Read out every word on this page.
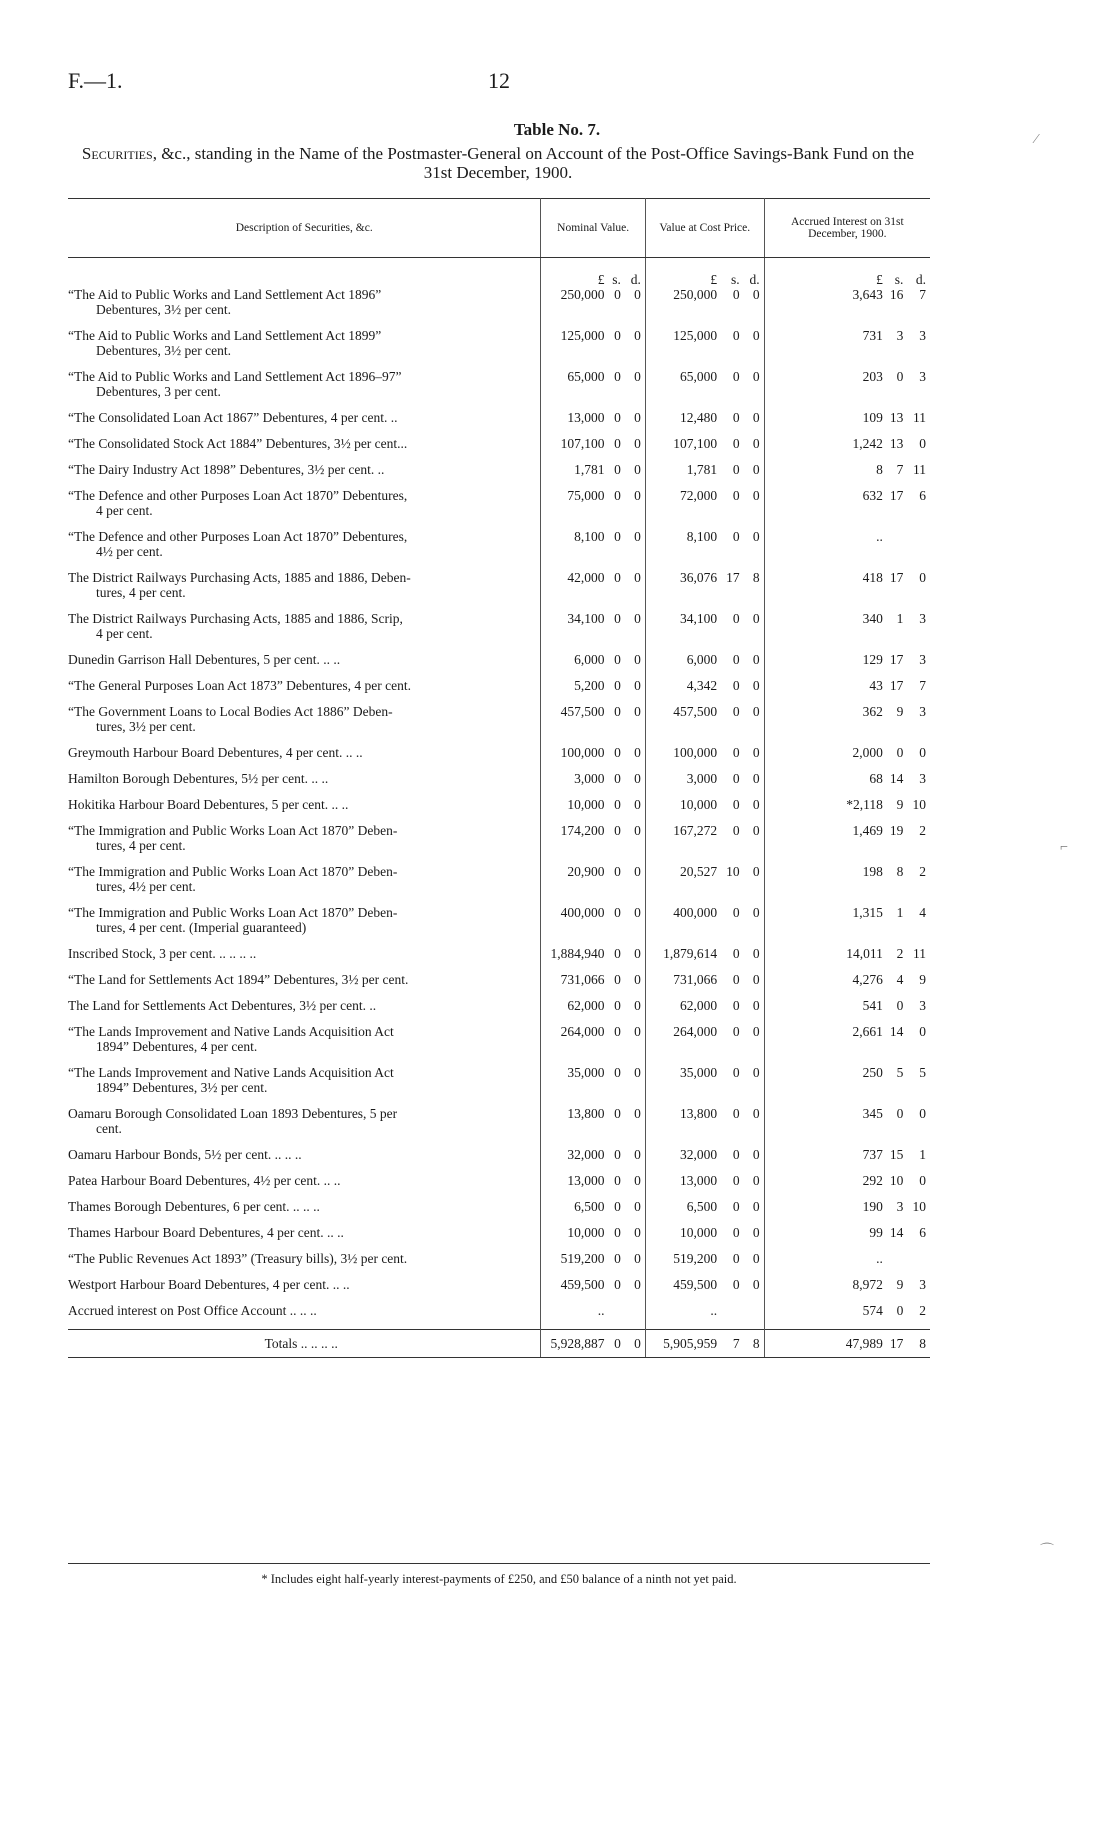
F.—1.	12
Table No. 7.
Securities, &c., standing in the Name of the Postmaster-General on Account of the Post-Office Savings-Bank Fund on the 31st December, 1900.
Description of Securities, &c.	Nominal Value.			Value at Cost Price.			Accrued Interest on 31st December, 1900.		
	£	s.	d.	£	s.	d.	£	s.	d.

“The Aid to Public Works and Land Settlement Act 1896”
Debentures, 3½ per cent.	250,000	0	0	250,000	0	0	3,643	16	7

“The Aid to Public Works and Land Settlement Act 1899”
Debentures, 3½ per cent.	125,000	0	0	125,000	0	0	731	3	3

“The Aid to Public Works and Land Settlement Act 1896–97”
Debentures, 3 per cent.	65,000	0	0	65,000	0	0	203	0	3

“The Consolidated Loan Act 1867” Debentures, 4 per cent. ..	13,000	0	0	12,480	0	0	109	13	11

“The Consolidated Stock Act 1884” Debentures, 3½ per cent...	107,100	0	0	107,100	0	0	1,242	13	0

“The Dairy Industry Act 1898” Debentures, 3½ per cent. ..	1,781	0	0	1,781	0	0	8	7	11

“The Defence and other Purposes Loan Act 1870” Debentures,
4 per cent.	75,000	0	0	72,000	0	0	632	17	6

“The Defence and other Purposes Loan Act 1870” Debentures,
4½ per cent.	8,100	0	0	8,100	0	0	..		

The District Railways Purchasing Acts, 1885 and 1886, Deben-
tures, 4 per cent.	42,000	0	0	36,076	17	8	418	17	0

The District Railways Purchasing Acts, 1885 and 1886, Scrip,
4 per cent.	34,100	0	0	34,100	0	0	340	1	3

Dunedin Garrison Hall Debentures, 5 per cent. .. ..	6,000	0	0	6,000	0	0	129	17	3

“The General Purposes Loan Act 1873” Debentures, 4 per cent.	5,200	0	0	4,342	0	0	43	17	7

“The Government Loans to Local Bodies Act 1886” Deben-
tures, 3½ per cent.	457,500	0	0	457,500	0	0	362	9	3

Greymouth Harbour Board Debentures, 4 per cent. .. ..	100,000	0	0	100,000	0	0	2,000	0	0

Hamilton Borough Debentures, 5½ per cent. .. ..	3,000	0	0	3,000	0	0	68	14	3

Hokitika Harbour Board Debentures, 5 per cent. .. ..	10,000	0	0	10,000	0	0	*2,118	9	10

“The Immigration and Public Works Loan Act 1870” Deben-
tures, 4 per cent.	174,200	0	0	167,272	0	0	1,469	19	2

“The Immigration and Public Works Loan Act 1870” Deben-
tures, 4½ per cent.	20,900	0	0	20,527	10	0	198	8	2

“The Immigration and Public Works Loan Act 1870” Deben-
tures, 4 per cent. (Imperial guaranteed)	400,000	0	0	400,000	0	0	1,315	1	4

Inscribed Stock, 3 per cent. .. .. .. ..	1,884,940	0	0	1,879,614	0	0	14,011	2	11

“The Land for Settlements Act 1894” Debentures, 3½ per cent.	731,066	0	0	731,066	0	0	4,276	4	9

The Land for Settlements Act Debentures, 3½ per cent. ..	62,000	0	0	62,000	0	0	541	0	3

“The Lands Improvement and Native Lands Acquisition Act
1894” Debentures, 4 per cent.	264,000	0	0	264,000	0	0	2,661	14	0

“The Lands Improvement and Native Lands Acquisition Act
1894” Debentures, 3½ per cent.	35,000	0	0	35,000	0	0	250	5	5

Oamaru Borough Consolidated Loan 1893 Debentures, 5 per
cent.	13,800	0	0	13,800	0	0	345	0	0

Oamaru Harbour Bonds, 5½ per cent. .. .. ..	32,000	0	0	32,000	0	0	737	15	1

Patea Harbour Board Debentures, 4½ per cent. .. ..	13,000	0	0	13,000	0	0	292	10	0

Thames Borough Debentures, 6 per cent. .. .. ..	6,500	0	0	6,500	0	0	190	3	10

Thames Harbour Board Debentures, 4 per cent. .. ..	10,000	0	0	10,000	0	0	99	14	6

“The Public Revenues Act 1893” (Treasury bills), 3½ per cent.	519,200	0	0	519,200	0	0	..		

Westport Harbour Board Debentures, 4 per cent. .. ..	459,500	0	0	459,500	0	0	8,972	9	3

Accrued interest on Post Office Account .. .. ..	..			..			574	0	2
Totals .. .. .. ..	5,928,887	0	0	5,905,959	7	8	47,989	17	8
* Includes eight half-yearly interest-payments of £250, and £50 balance of a ninth not yet paid.
⁄
⌐
⌒
